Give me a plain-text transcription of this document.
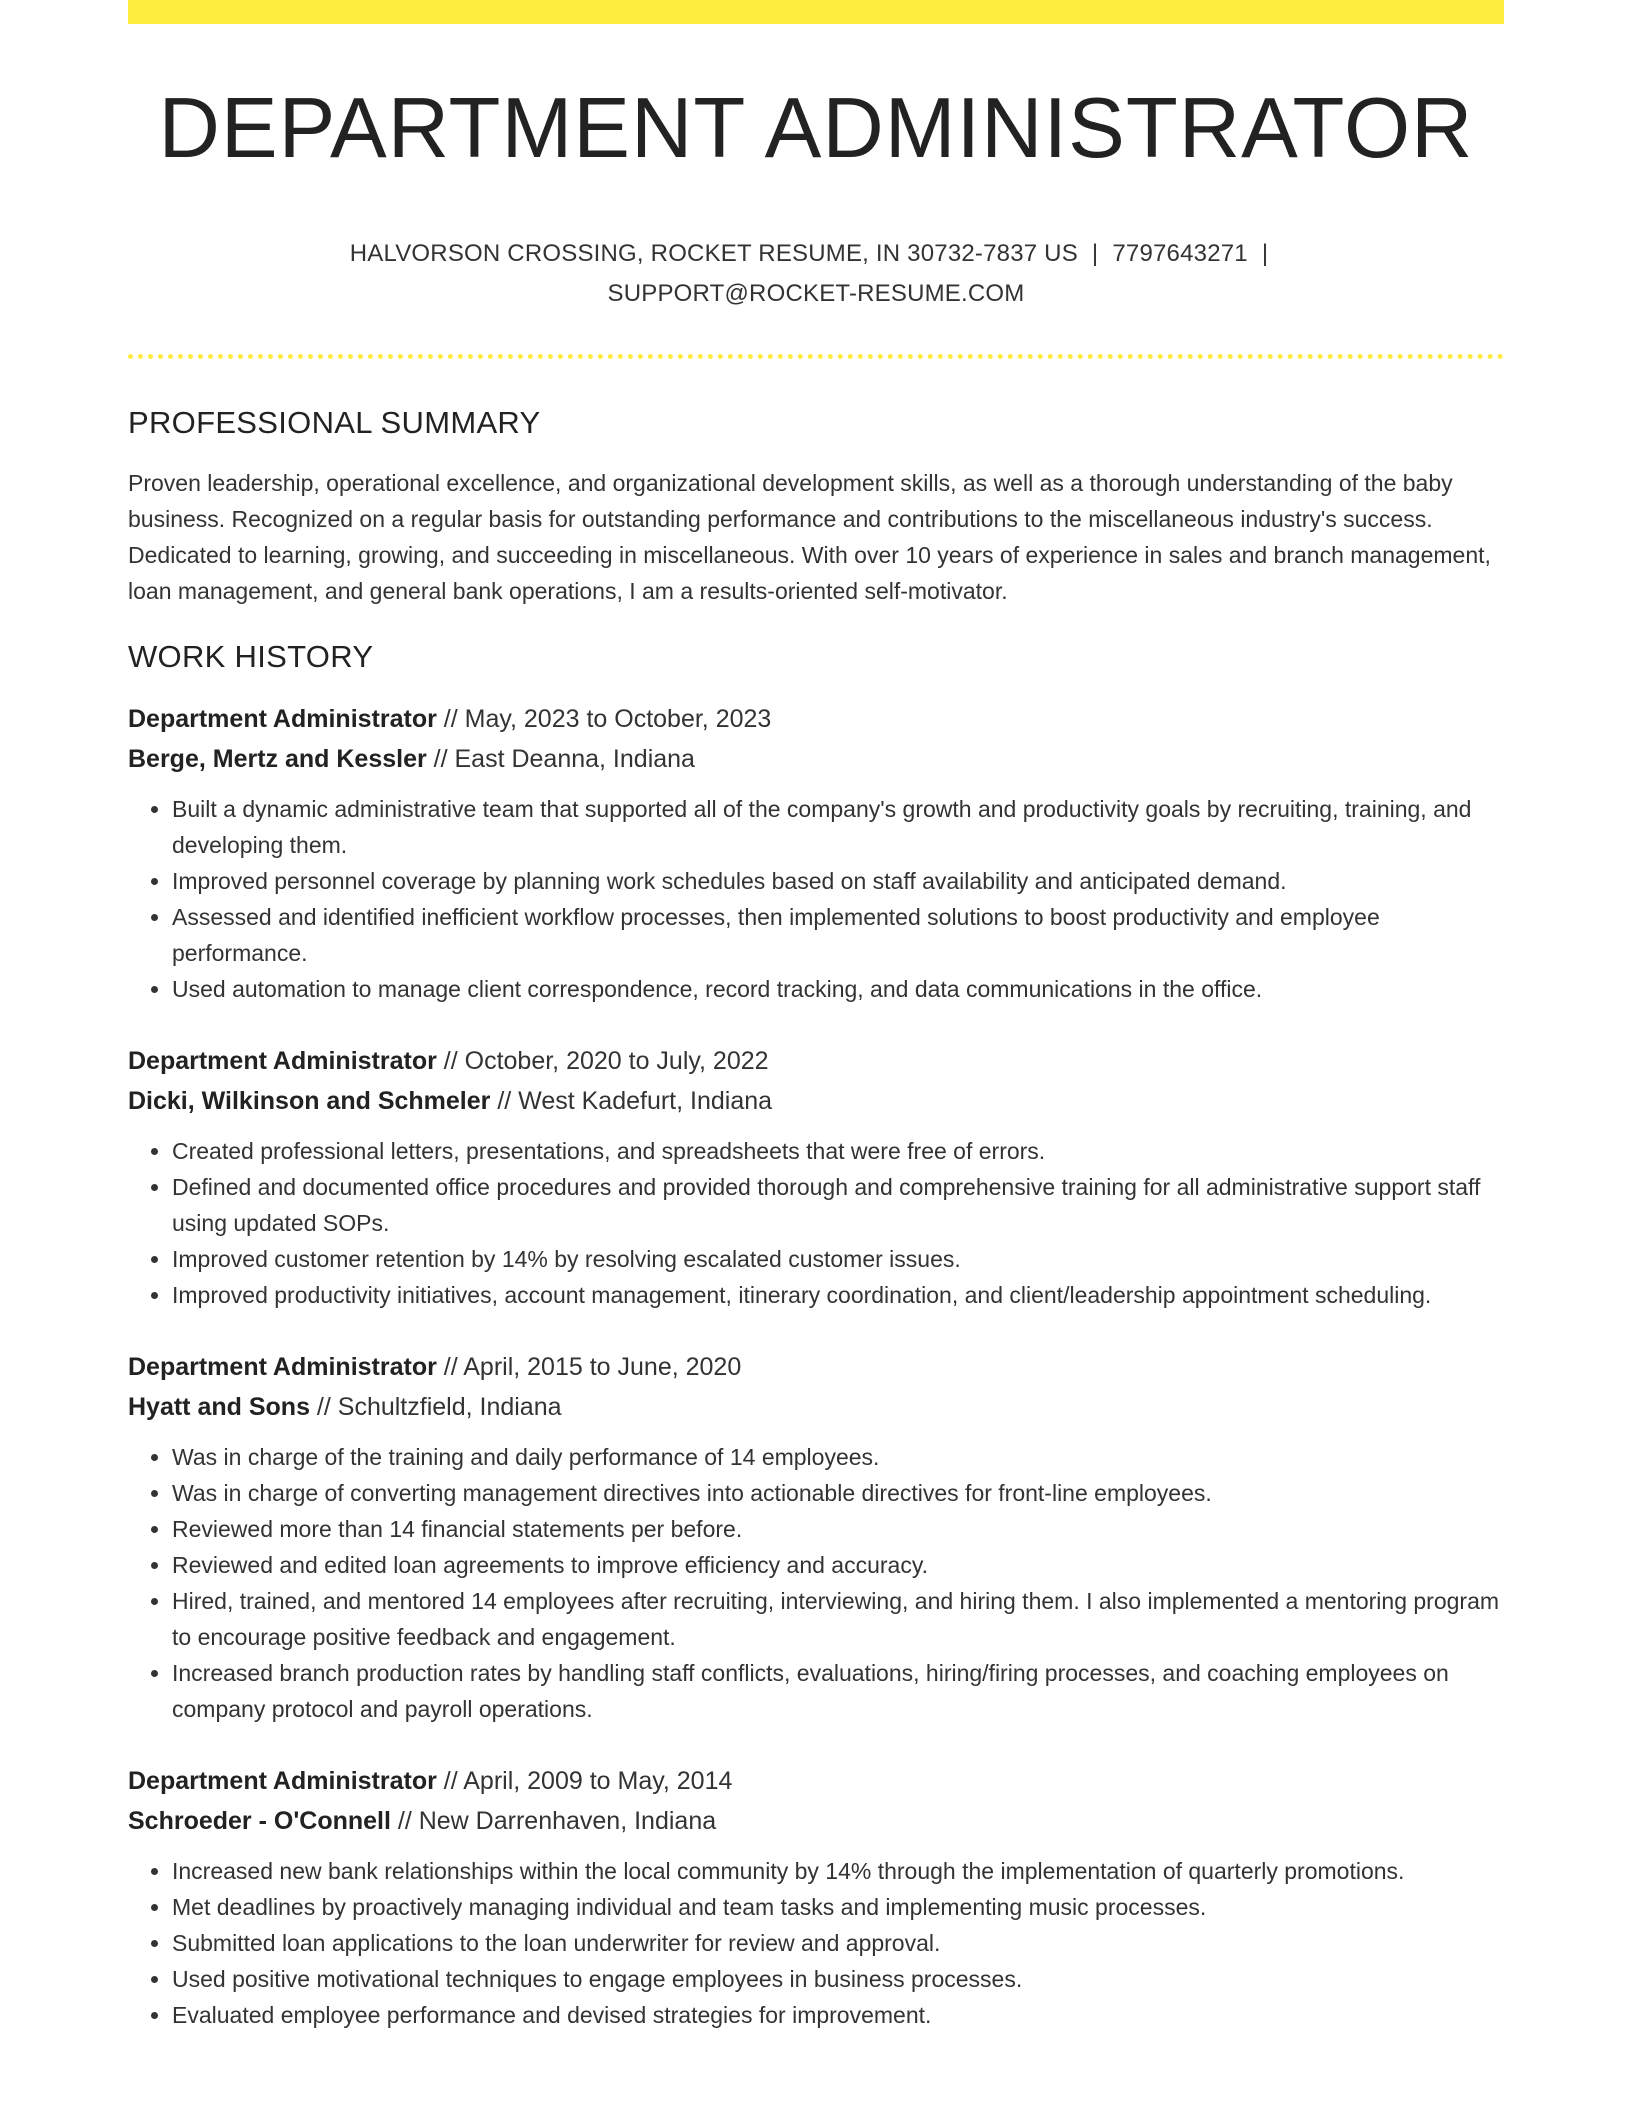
DEPARTMENT ADMINISTRATOR
HALVORSON CROSSING, ROCKET RESUME, IN 30732-7837 US | 7797643271 |
SUPPORT@ROCKET-RESUME.COM
PROFESSIONAL SUMMARY

Proven leadership, operational excellence, and organizational development skills, as well as a thorough understanding of the baby business. Recognized on a regular basis for outstanding performance and contributions to the miscellaneous industry's success. Dedicated to learning, growing, and succeeding in miscellaneous. With over 10 years of experience in sales and branch management, loan management, and general bank operations, I am a results-oriented self-motivator.

WORK HISTORY
Department Administrator // May, 2023 to October, 2023
Berge, Mertz and Kessler // East Deanna, Indiana
• Built a dynamic administrative team that supported all of the company's growth and productivity goals by recruiting, training, and developing them.
• Improved personnel coverage by planning work schedules based on staff availability and anticipated demand.
• Assessed and identified inefficient workflow processes, then implemented solutions to boost productivity and employee performance.
• Used automation to manage client correspondence, record tracking, and data communications in the office.
Department Administrator // October, 2020 to July, 2022
Dicki, Wilkinson and Schmeler // West Kadefurt, Indiana
• Created professional letters, presentations, and spreadsheets that were free of errors.
• Defined and documented office procedures and provided thorough and comprehensive training for all administrative support staff using updated SOPs.
• Improved customer retention by 14% by resolving escalated customer issues.
• Improved productivity initiatives, account management, itinerary coordination, and client/leadership appointment scheduling.
Department Administrator // April, 2015 to June, 2020
Hyatt and Sons // Schultzfield, Indiana
• Was in charge of the training and daily performance of 14 employees.
• Was in charge of converting management directives into actionable directives for front-line employees.
• Reviewed more than 14 financial statements per before.
• Reviewed and edited loan agreements to improve efficiency and accuracy.
• Hired, trained, and mentored 14 employees after recruiting, interviewing, and hiring them. I also implemented a mentoring program to encourage positive feedback and engagement.
• Increased branch production rates by handling staff conflicts, evaluations, hiring/firing processes, and coaching employees on company protocol and payroll operations.
Department Administrator // April, 2009 to May, 2014
Schroeder - O'Connell // New Darrenhaven, Indiana
• Increased new bank relationships within the local community by 14% through the implementation of quarterly promotions.
• Met deadlines by proactively managing individual and team tasks and implementing music processes.
• Submitted loan applications to the loan underwriter for review and approval.
• Used positive motivational techniques to engage employees in business processes.
• Evaluated employee performance and devised strategies for improvement.
